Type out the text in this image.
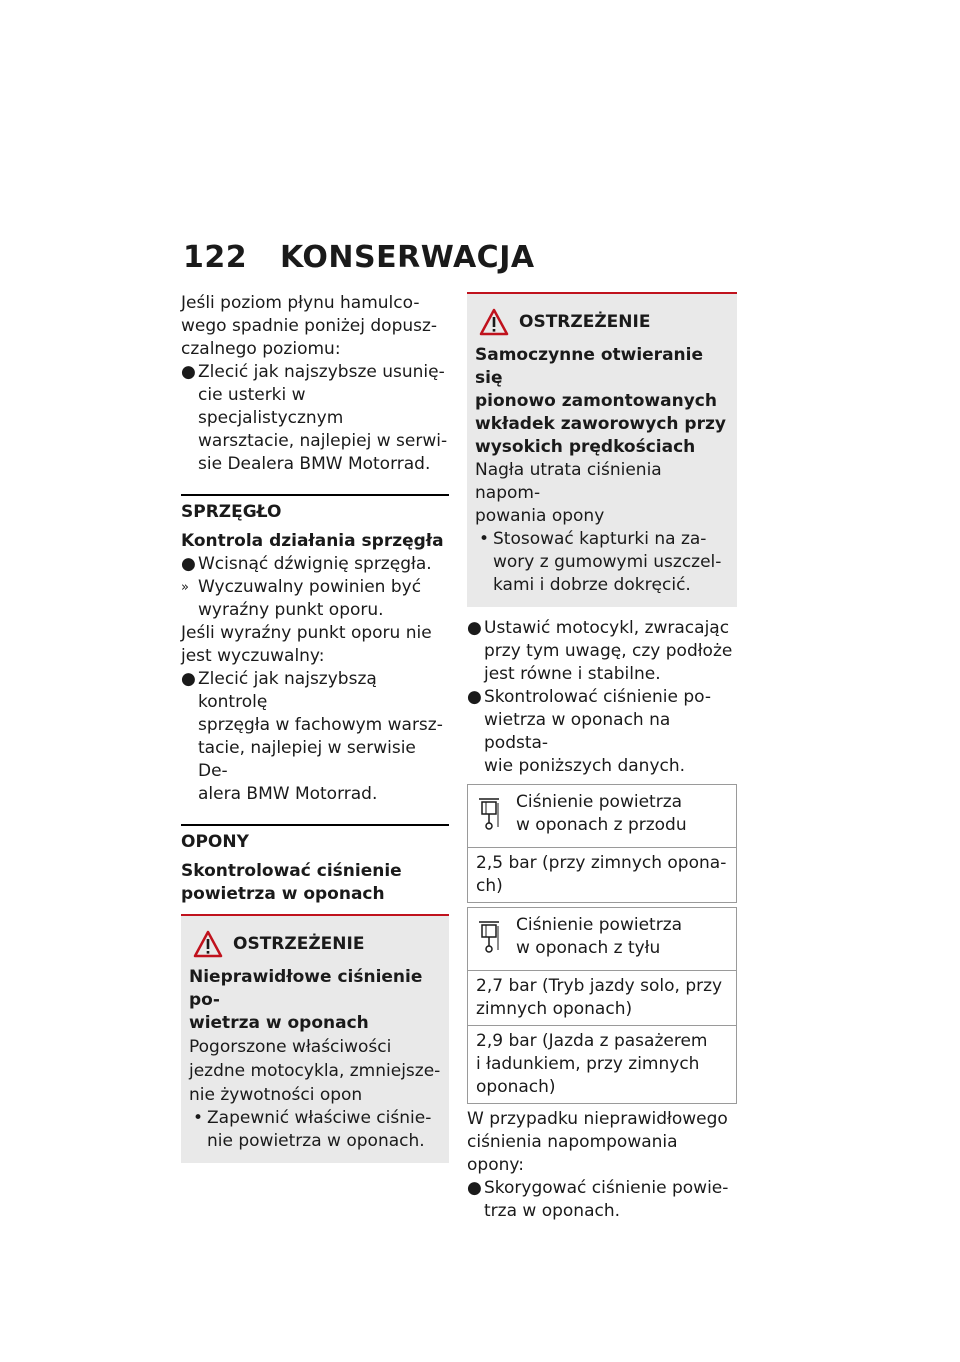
122 KONSERWACJA

Jeśli poziom płynu hamulco-
wego spadnie poniżej dopusz-
czalnego poziomu:

● Zlecić jak najszybsze usunię-
cie usterki w specjalistycznym
warsztacie, najlepiej w serwi-
sie Dealera BMW Motorrad.
SPRZĘGŁO
Kontrola działania sprzęgła
● Wcisnąć dźwignię sprzęgła.
» Wyczuwalny powinien być
wyraźny punkt oporu.

Jeśli wyraźny punkt oporu nie
jest wyczuwalny:

● Zlecić jak najszybszą kontrolę
sprzęgła w fachowym warsz-
tacie, najlepiej w serwisie De-
alera BMW Motorrad.
OPONY
Skontrolować ciśnienie
powietrza w oponach
OSTRZEŻENIE
Nieprawidłowe ciśnienie po-
wietrza w oponach

Pogorszone właściwości
jezdne motocykla, zmniejsze-
nie żywotności opon

• Zapewnić właściwe ciśnie-
nie powietrza w oponach.
OSTRZEŻENIE
Samoczynne otwieranie się
pionowo zamontowanych
wkładek zaworowych przy
wysokich prędkościach

Nagła utrata ciśnienia napom-
powania opony

• Stosować kapturki na za-
wory z gumowymi uszczel-
kami i dobrze dokręcić.
● Ustawić motocykl, zwracając
przy tym uwagę, czy podłoże
jest równe i stabilne.
● Skontrolować ciśnienie po-
wietrza w oponach na podsta-
wie poniższych danych.
Ciśnienie powietrza
w oponach z przodu
2,5 bar (przy zimnych opona-
ch)
Ciśnienie powietrza
w oponach z tyłu
2,7 bar (Tryb jazdy solo, przy
zimnych oponach)
2,9 bar (Jazda z pasażerem
i ładunkiem, przy zimnych
oponach)

W przypadku nieprawidłowego
ciśnienia napompowania
opony:

● Skorygować ciśnienie powie-
trza w oponach.
